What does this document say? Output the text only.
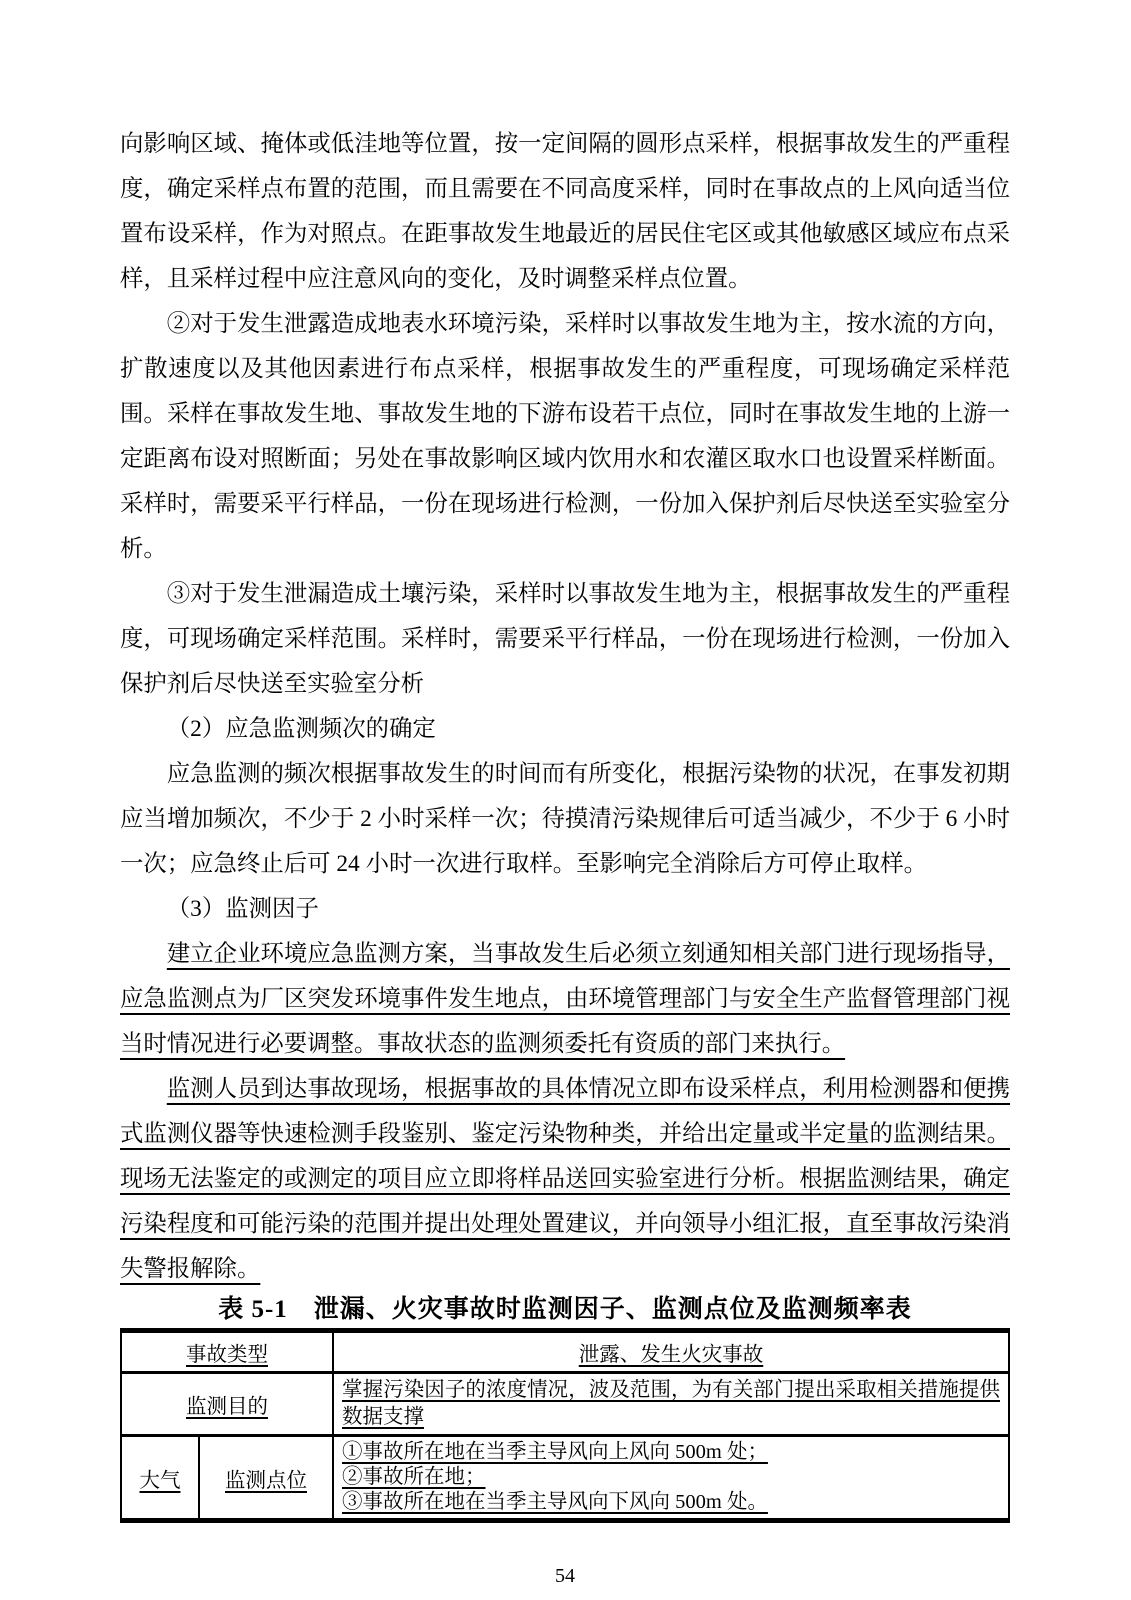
向影响区域、掩体或低洼地等位置，按一定间隔的圆形点采样，根据事故发生的严重程度，确定采样点布置的范围，而且需要在不同高度采样，同时在事故点的上风向适当位置布设采样，作为对照点。在距事故发生地最近的居民住宅区或其他敏感区域应布点采样，且采样过程中应注意风向的变化，及时调整采样点位置。

②对于发生泄露造成地表水环境污染，采样时以事故发生地为主，按水流的方向，扩散速度以及其他因素进行布点采样，根据事故发生的严重程度，可现场确定采样范围。采样在事故发生地、事故发生地的下游布设若干点位，同时在事故发生地的上游一定距离布设对照断面；另处在事故影响区域内饮用水和农灌区取水口也设置采样断面。采样时，需要采平行样品，一份在现场进行检测，一份加入保护剂后尽快送至实验室分析。

③对于发生泄漏造成土壤污染，采样时以事故发生地为主，根据事故发生的严重程度，可现场确定采样范围。采样时，需要采平行样品，一份在现场进行检测，一份加入保护剂后尽快送至实验室分析

（2）应急监测频次的确定

应急监测的频次根据事故发生的时间而有所变化，根据污染物的状况，在事发初期应当增加频次，不少于 2 小时采样一次；待摸清污染规律后可适当减少，不少于 6 小时一次；应急终止后可 24 小时一次进行取样。至影响完全消除后方可停止取样。

（3）监测因子

建立企业环境应急监测方案，当事故发生后必须立刻通知相关部门进行现场指导，应急监测点为厂区突发环境事件发生地点，由环境管理部门与安全生产监督管理部门视当时情况进行必要调整。事故状态的监测须委托有资质的部门来执行。

监测人员到达事故现场，根据事故的具体情况立即布设采样点，利用检测器和便携式监测仪器等快速检测手段鉴别、鉴定污染物种类，并给出定量或半定量的监测结果。现场无法鉴定的或测定的项目应立即将样品送回实验室进行分析。根据监测结果，确定污染程度和可能污染的范围并提出处理处置建议，并向领导小组汇报，直至事故污染消失警报解除。

表 5-1　泄漏、火灾事故时监测因子、监测点位及监测频率表
事故类型		泄露、发生火灾事故
监测目的		掌握污染因子的浓度情况，波及范围，为有关部门提出采取相关措施提供数据支撑
大气	监测点位	①事故所在地在当季主导风向上风向 500m 处；
②事故所在地；
③事故所在地在当季主导风向下风向 500m 处。
54
